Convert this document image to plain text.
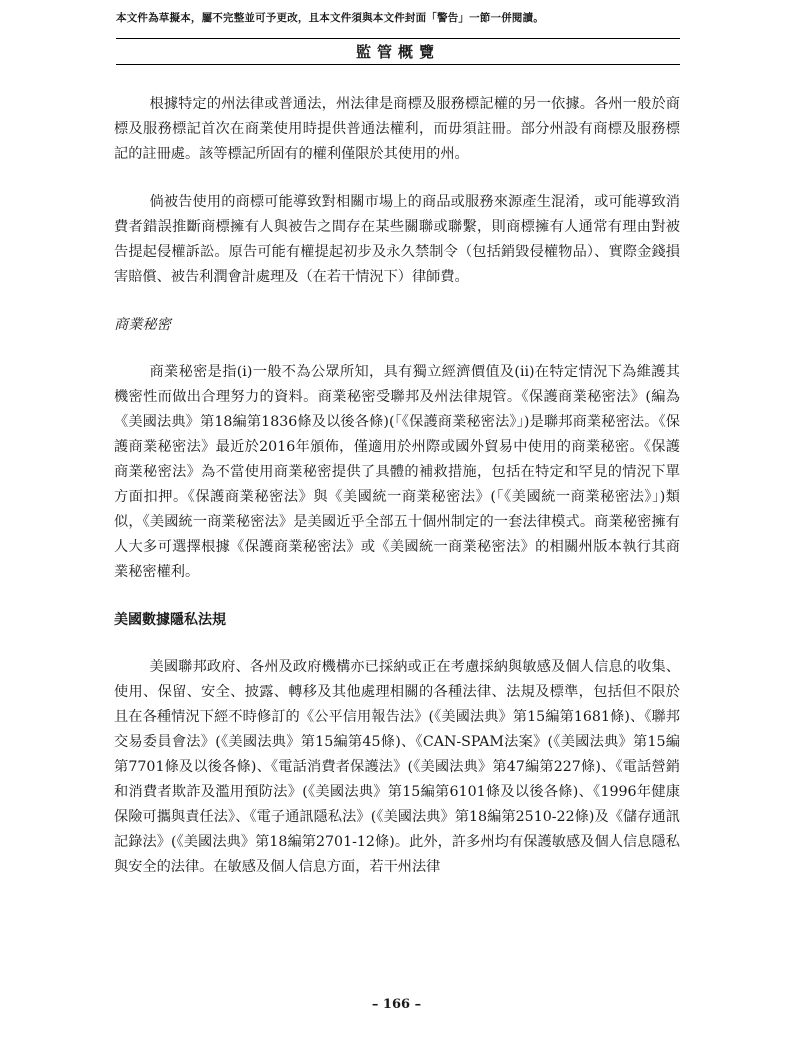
本文件為草擬本，屬不完整並可予更改，且本文件須與本文件封面「警告」一節一併閱讀。
監管概覽

根據特定的州法律或普通法，州法律是商標及服務標記權的另一依據。各州一般於商標及服務標記首次在商業使用時提供普通法權利，而毋須註冊。部分州設有商標及服務標記的註冊處。該等標記所固有的權利僅限於其使用的州。

倘被告使用的商標可能導致對相關市場上的商品或服務來源產生混淆，或可能導致消費者錯誤推斷商標擁有人與被告之間存在某些關聯或聯繫，則商標擁有人通常有理由對被告提起侵權訴訟。原告可能有權提起初步及永久禁制令（包括銷毀侵權物品）、實際金錢損害賠償、被告利潤會計處理及（在若干情況下）律師費。

商業秘密

商業秘密是指(i)一般不為公眾所知，具有獨立經濟價值及(ii)在特定情況下為維護其機密性而做出合理努力的資料。商業秘密受聯邦及州法律規管。《保護商業秘密法》(編為《美國法典》第18編第1836條及以後各條)(「《保護商業秘密法》」)是聯邦商業秘密法。《保護商業秘密法》最近於2016年頒佈，僅適用於州際或國外貿易中使用的商業秘密。《保護商業秘密法》為不當使用商業秘密提供了具體的補救措施，包括在特定和罕見的情況下單方面扣押。《保護商業秘密法》與《美國統一商業秘密法》(「《美國統一商業秘密法》」)類似，《美國統一商業秘密法》是美國近乎全部五十個州制定的一套法律模式。商業秘密擁有人大多可選擇根據《保護商業秘密法》或《美國統一商業秘密法》的相關州版本執行其商業秘密權利。

美國數據隱私法規

美國聯邦政府、各州及政府機構亦已採納或正在考慮採納與敏感及個人信息的收集、使用、保留、安全、披露、轉移及其他處理相關的各種法律、法規及標準，包括但不限於且在各種情況下經不時修訂的《公平信用報告法》(《美國法典》第15編第1681條)、《聯邦交易委員會法》(《美國法典》第15編第45條)、《CAN-SPAM法案》(《美國法典》第15編第7701條及以後各條)、《電話消費者保護法》(《美國法典》第47編第227條)、《電話營銷和消費者欺詐及濫用預防法》(《美國法典》第15編第6101條及以後各條)、《1996年健康保險可攜與責任法》、《電子通訊隱私法》(《美國法典》第18編第2510-22條)及《儲存通訊記錄法》(《美國法典》第18編第2701-12條)。此外，許多州均有保護敏感及個人信息隱私與安全的法律。在敏感及個人信息方面，若干州法律

– 166 –
